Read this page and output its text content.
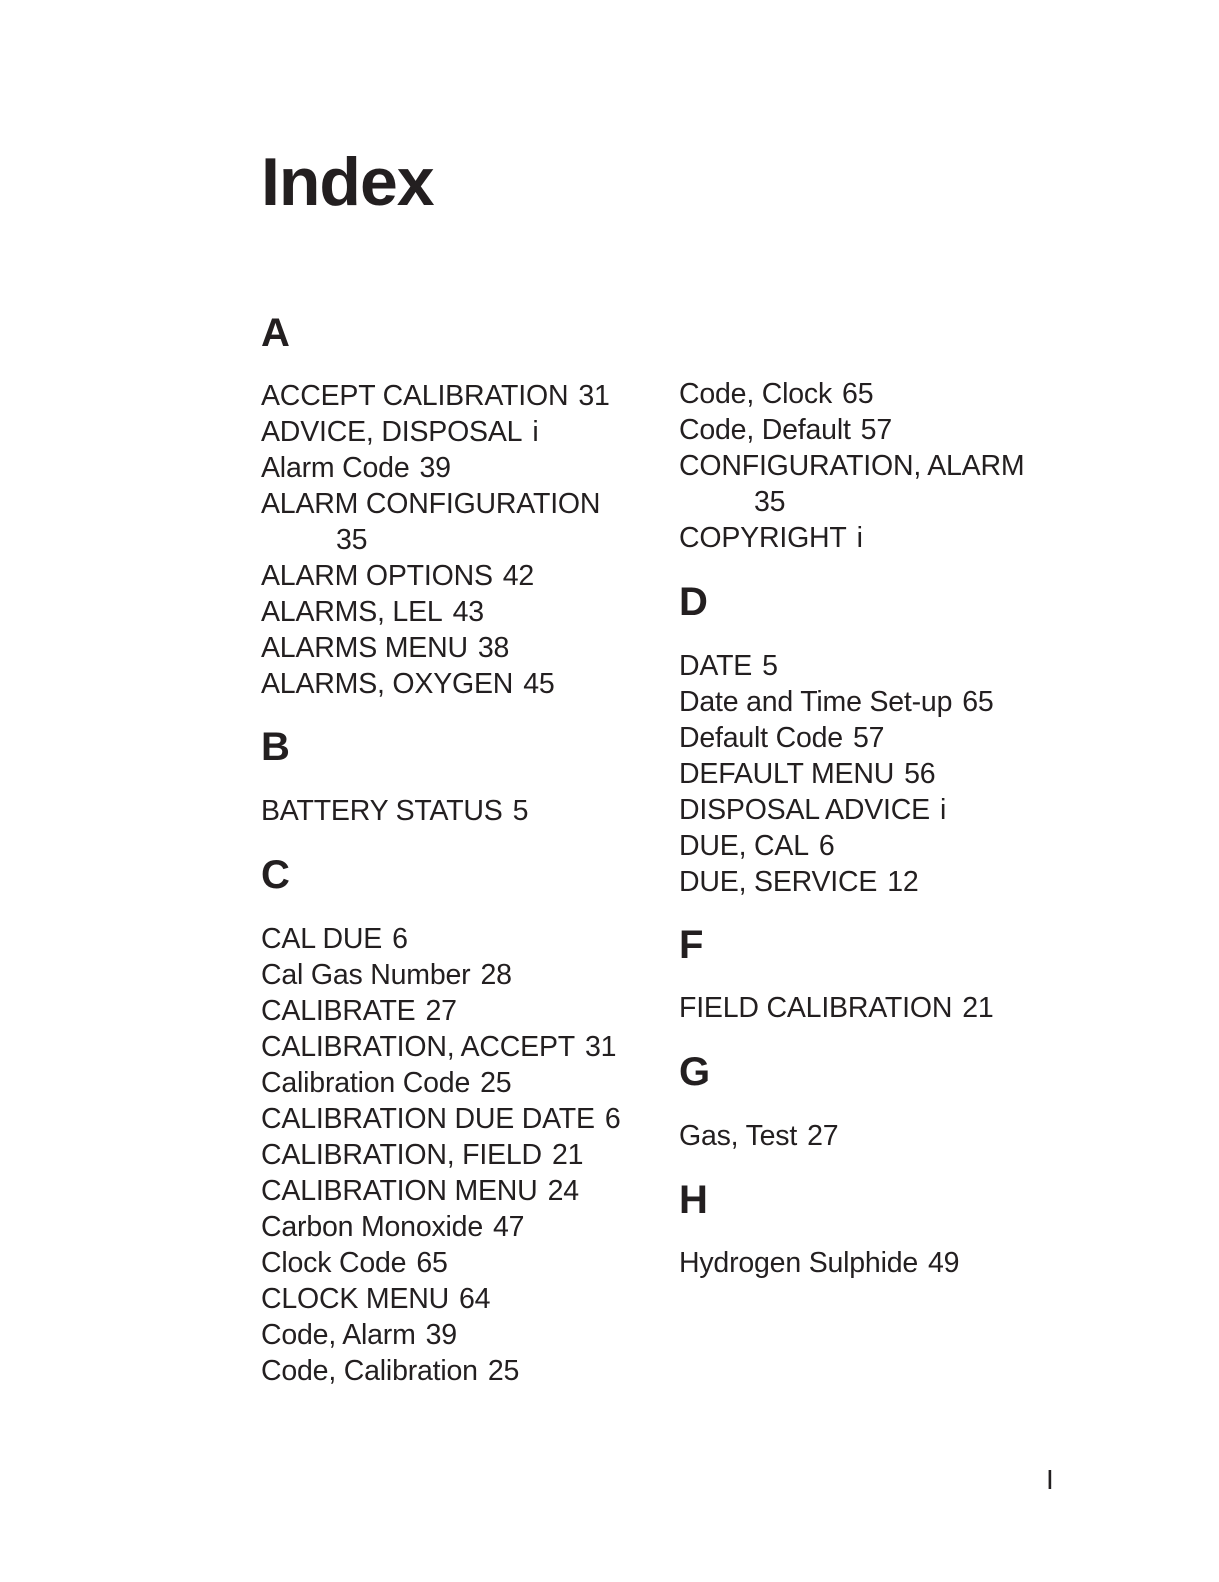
Index
A
ACCEPT CALIBRATION 31
ADVICE, DISPOSAL i
Alarm Code 39
ALARM CONFIGURATION
35
ALARM OPTIONS 42
ALARMS, LEL 43
ALARMS MENU 38
ALARMS, OXYGEN 45
B
BATTERY STATUS 5
C
CAL DUE 6
Cal Gas Number 28
CALIBRATE 27
CALIBRATION, ACCEPT 31
Calibration Code 25
CALIBRATION DUE DATE 6
CALIBRATION, FIELD 21
CALIBRATION MENU 24
Carbon Monoxide 47
Clock Code 65
CLOCK MENU 64
Code, Alarm 39
Code, Calibration 25
Code, Clock 65
Code, Default 57
CONFIGURATION, ALARM
35
COPYRIGHT i
D
DATE 5
Date and Time Set-up 65
Default Code 57
DEFAULT MENU 56
DISPOSAL ADVICE i
DUE, CAL 6
DUE, SERVICE 12
F
FIELD CALIBRATION 21
G
Gas, Test 27
H
Hydrogen Sulphide 49
I
